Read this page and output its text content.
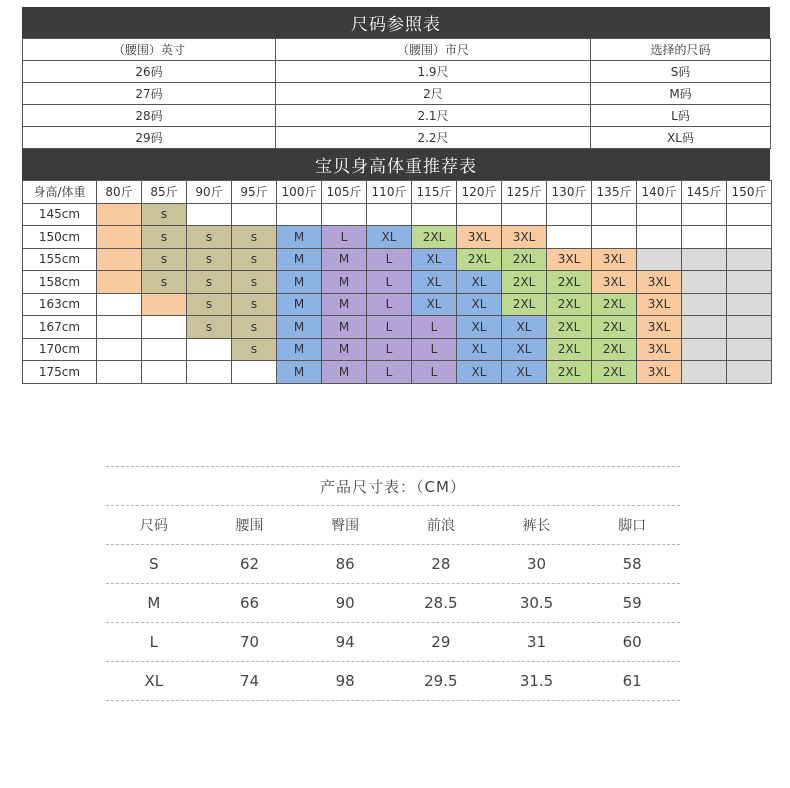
尺码参照表
（腰围）英寸	（腰围）市尺	选择的尺码
26码	1.9尺	S码
27码	2尺	M码
28码	2.1尺	L码
29码	2.2尺	XL码
宝贝身高体重推荐表
身高/体重	80斤	85斤	90斤	95斤	100斤	105斤	110斤	115斤	120斤	125斤	130斤	135斤	140斤	145斤	150斤
145cm		s													
150cm		s	s	s	M	L	XL	2XL	3XL	3XL					
155cm		s	s	s	M	M	L	XL	2XL	2XL	3XL	3XL			
158cm		s	s	s	M	M	L	XL	XL	2XL	2XL	3XL	3XL		
163cm			s	s	M	M	L	XL	XL	2XL	2XL	2XL	3XL		
167cm			s	s	M	M	L	L	XL	XL	2XL	2XL	3XL		
170cm				s	M	M	L	L	XL	XL	2XL	2XL	3XL		
175cm					M	M	L	L	XL	XL	2XL	2XL	3XL		
产品尺寸表：（CM）
尺码	腰围	臀围	前浪	裤长	脚口
S	62	86	28	30	58
M	66	90	28.5	30.5	59
L	70	94	29	31	60
XL	74	98	29.5	31.5	61
